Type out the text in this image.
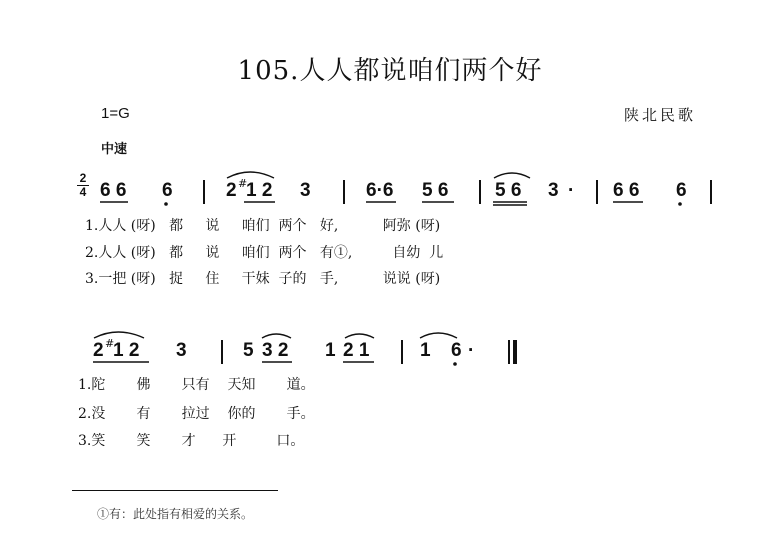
105.人人都说咱们两个好
1=G	陕北民歌
中速
2
4 6 6 6	2 1 2 3	6·6 5 6 5 6 3 · 6 6 6
#
1.人人 (呀)   都     说     咱们  两个   好,          阿弥 (呀)
2.人人 (呀)   都     说     咱们  两个   有①,         自幼  儿
3.一把 (呀)   捉     住     干妹  子的   手,          说说 (呀)
2 1 2 3	5 3 2 1 2 1	1 6 ·
#
1.陀       佛       只有    天知       道。
2.没       有       拉过    你的       手。
3.笑       笑       才      开         口。
①有：此处指有相爱的关系。
